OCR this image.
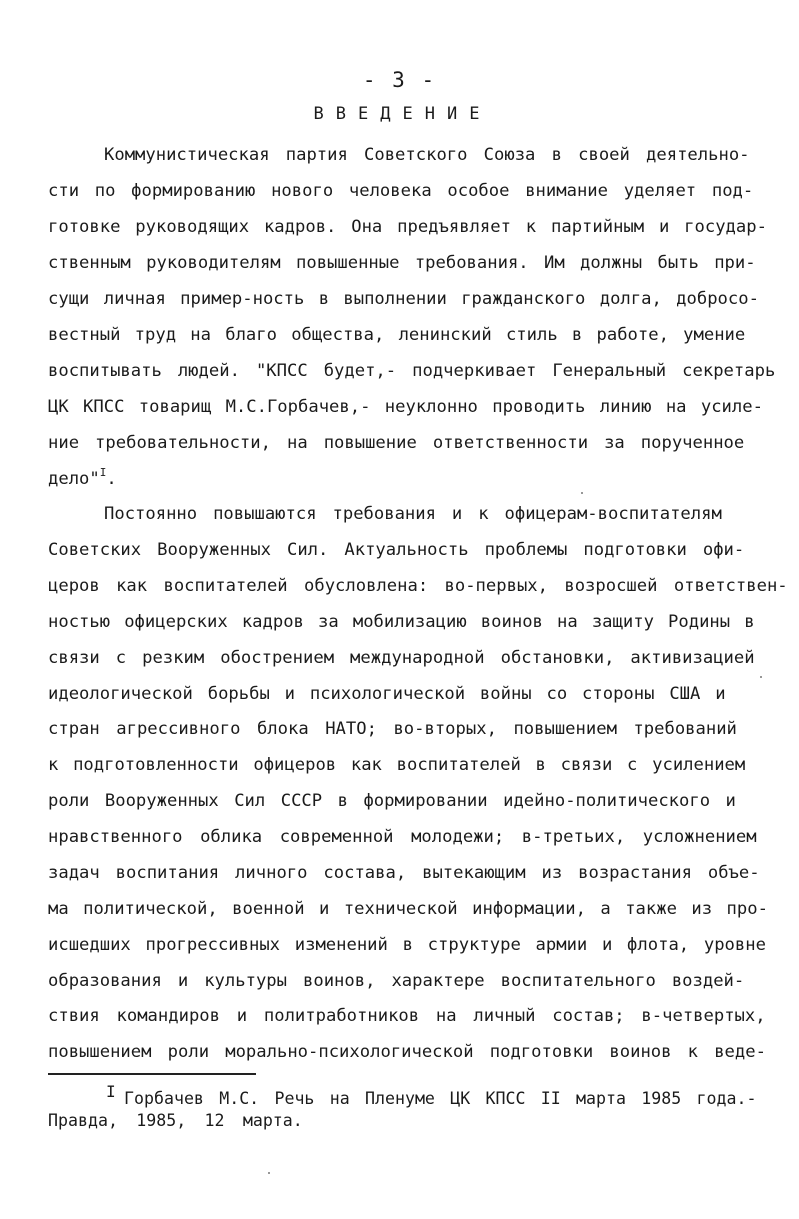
- 3 -
ВВЕДЕНИЕ
Коммунистическая партия Советского Союза в своей деятельно-
сти по формированию нового человека особое внимание уделяет под-
готовке руководящих кадров. Она предъявляет к партийным и государ-
ственным руководителям повышенные требования. Им должны быть при-
сущи личная пример-ность в выполнении гражданского долга, добросо-
вестный труд на благо общества, ленинский стиль в работе, умение
воспитывать людей. "КПСС будет,- подчеркивает Генеральный секретарь
ЦК КПСС товарищ М.С.Горбачев,- неуклонно проводить линию на усиле-
ние требовательности, на повышение ответственности за порученное
дело"$^I$.
Постоянно повышаются требования и к офицерам-воспитателям
Советских Вооруженных Сил. Актуальность проблемы подготовки офи-
церов как воспитателей обусловлена: во-первых, возросшей ответствен-
ностью офицерских кадров за мобилизацию воинов на защиту Родины в
связи с резким обострением международной обстановки, активизацией
идеологической борьбы и психологической войны со стороны США и
стран агрессивного блока НАТО; во-вторых, повышением требований
к подготовленности офицеров как воспитателей в связи с усилением
роли Вооруженных Сил СССР в формировании идейно-политического и
нравственного облика современной молодежи; в-третьих, усложнением
задач воспитания личного состава, вытекающим из возрастания объе-
ма политической, военной и технической информации, а также из про-
исшедших прогрессивных изменений в структуре армии и флота, уровне
образования и культуры воинов, характере воспитательного воздей-
ствия командиров и политработников на личный состав; в-четвертых,
повышением роли морально-психологической подготовки воинов к веде-
I Горбачев М.С. Речь на Пленуме ЦК КПСС II марта 1985 года.-
Правда, 1985, 12 марта.
